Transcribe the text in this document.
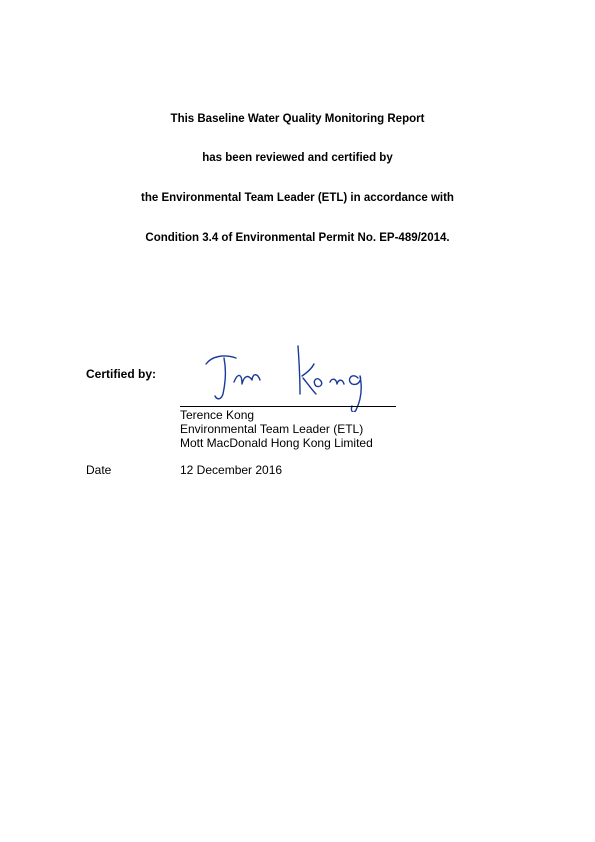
This Baseline Water Quality Monitoring Report
has been reviewed and certified by
the Environmental Team Leader (ETL) in accordance with
Condition 3.4 of Environmental Permit No. EP-489/2014.
Certified by:
Terence Kong
Environmental Team Leader (ETL)
Mott MacDonald Hong Kong Limited
Date	12 December 2016
